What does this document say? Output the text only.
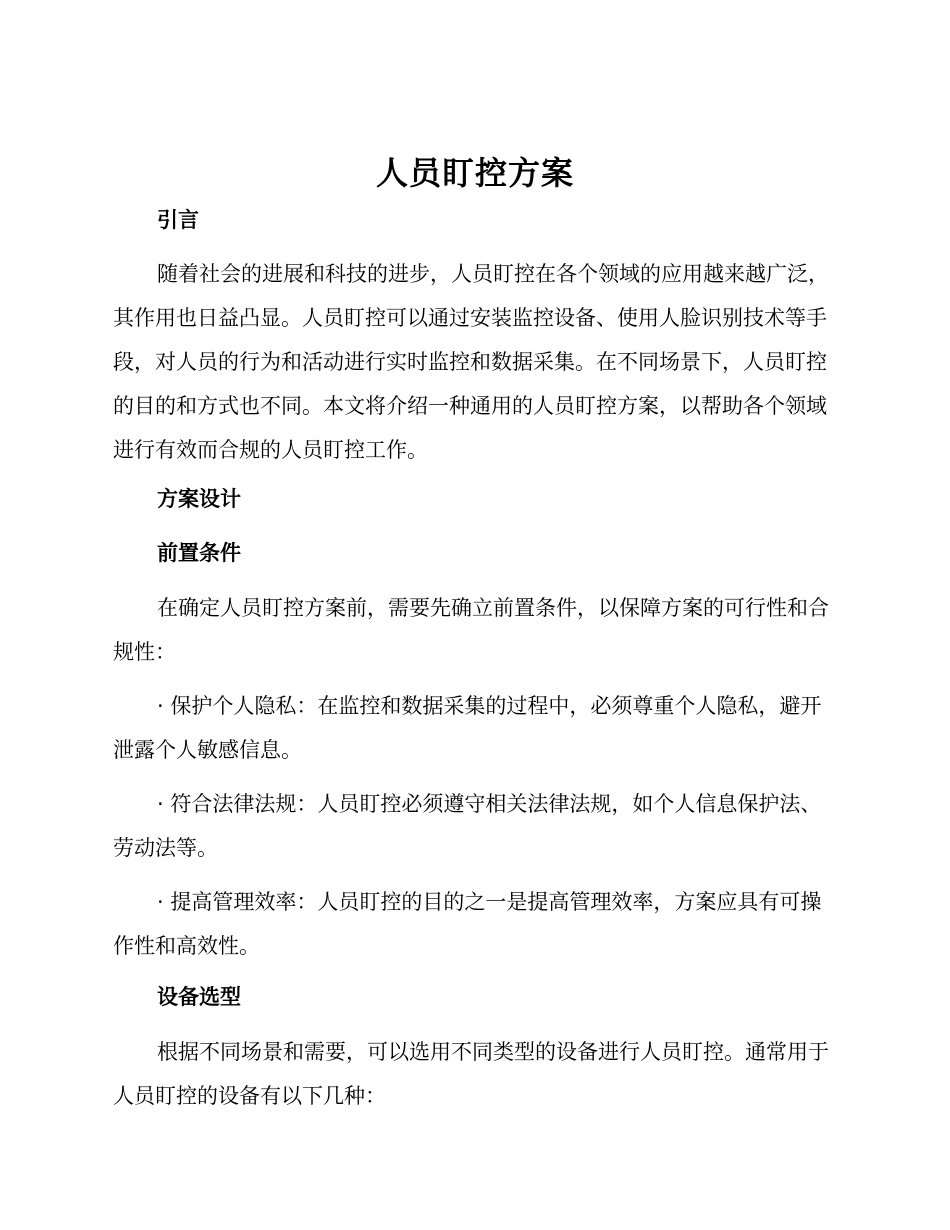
人员盯控方案
引言

随着社会的进展和科技的进步，人员盯控在各个领域的应用越来越广泛，其作用也日益凸显。人员盯控可以通过安装监控设备、使用人脸识别技术等手段，对人员的行为和活动进行实时监控和数据采集。在不同场景下，人员盯控的目的和方式也不同。本文将介绍一种通用的人员盯控方案，以帮助各个领域进行有效而合规的人员盯控工作。

方案设计
前置条件

在确定人员盯控方案前，需要先确立前置条件，以保障方案的可行性和合规性：

· 保护个人隐私：在监控和数据采集的过程中，必须尊重个人隐私，避开泄露个人敏感信息。

· 符合法律法规：人员盯控必须遵守相关法律法规，如个人信息保护法、劳动法等。

· 提高管理效率：人员盯控的目的之一是提高管理效率，方案应具有可操作性和高效性。

设备选型

根据不同场景和需要，可以选用不同类型的设备进行人员盯控。通常用于人员盯控的设备有以下几种：
